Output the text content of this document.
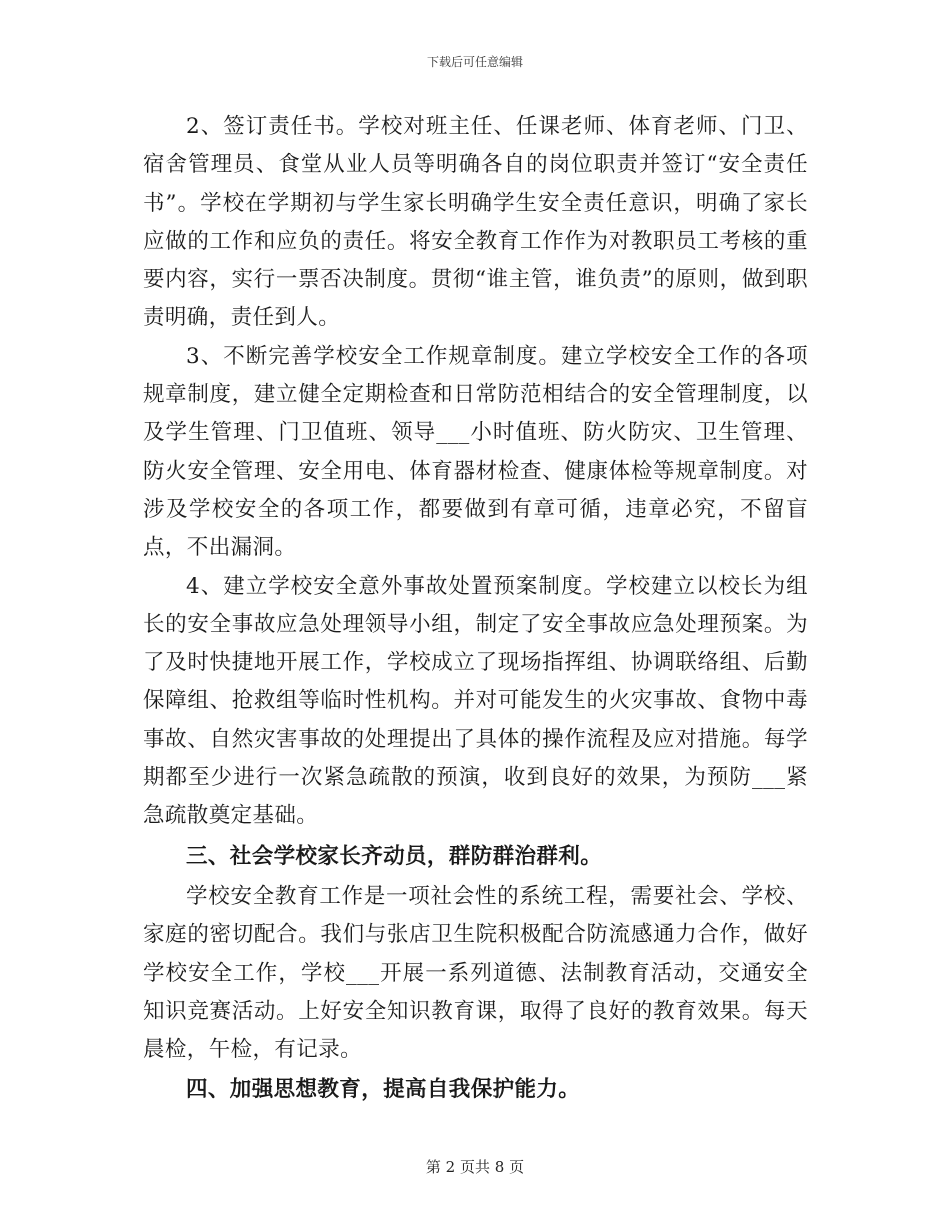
下载后可任意编辑

2、签订责任书。学校对班主任、任课老师、体育老师、门卫、宿舍管理员、食堂从业人员等明确各自的岗位职责并签订“安全责任书”。学校在学期初与学生家长明确学生安全责任意识，明确了家长应做的工作和应负的责任。将安全教育工作作为对教职员工考核的重要内容，实行一票否决制度。贯彻“谁主管，谁负责”的原则，做到职责明确，责任到人。

3、不断完善学校安全工作规章制度。建立学校安全工作的各项规章制度，建立健全定期检查和日常防范相结合的安全管理制度，以及学生管理、门卫值班、领导___小时值班、防火防灾、卫生管理、防火安全管理、安全用电、体育器材检查、健康体检等规章制度。对涉及学校安全的各项工作，都要做到有章可循，违章必究，不留盲点，不出漏洞。

4、建立学校安全意外事故处置预案制度。学校建立以校长为组长的安全事故应急处理领导小组，制定了安全事故应急处理预案。为了及时快捷地开展工作，学校成立了现场指挥组、协调联络组、后勤保障组、抢救组等临时性机构。并对可能发生的火灾事故、食物中毒事故、自然灾害事故的处理提出了具体的操作流程及应对措施。每学期都至少进行一次紧急疏散的预演，收到良好的效果，为预防___紧急疏散奠定基础。

三、社会学校家长齐动员，群防群治群利。

学校安全教育工作是一项社会性的系统工程，需要社会、学校、家庭的密切配合。我们与张店卫生院积极配合防流感通力合作，做好学校安全工作，学校___开展一系列道德、法制教育活动，交通安全知识竞赛活动。上好安全知识教育课，取得了良好的教育效果。每天晨检，午检，有记录。

四、加强思想教育，提高自我保护能力。

第 2 页共 8 页
